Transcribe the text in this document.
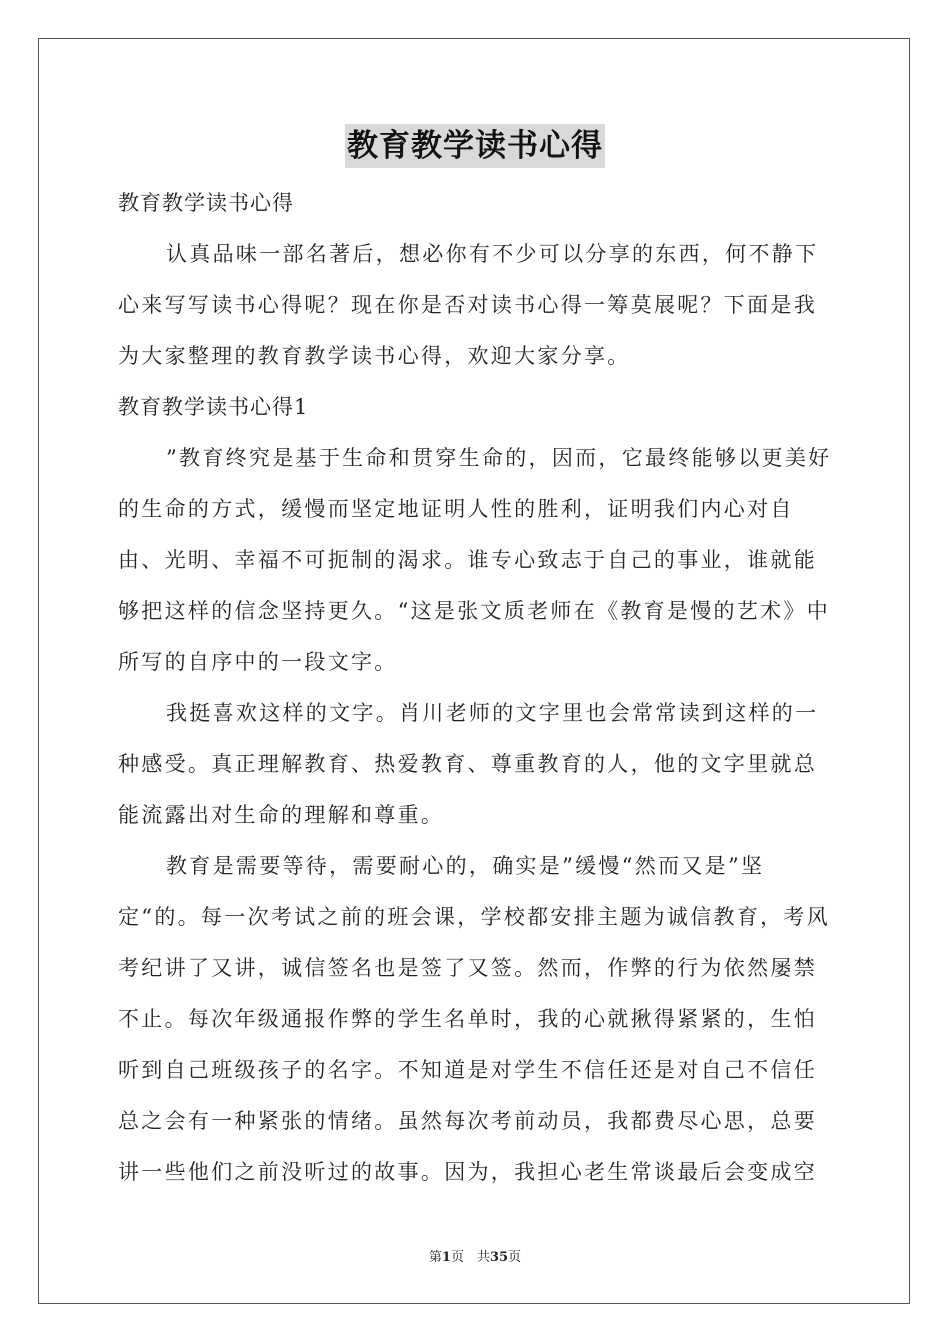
教育教学读书心得

教育教学读书心得

认真品味一部名著后，想必你有不少可以分享的东西，何不静下心来写写读书心得呢？现在你是否对读书心得一筹莫展呢？下面是我为大家整理的教育教学读书心得，欢迎大家分享。

教育教学读书心得1

”教育终究是基于生命和贯穿生命的，因而，它最终能够以更美好的生命的方式，缓慢而坚定地证明人性的胜利，证明我们内心对自由、光明、幸福不可扼制的渴求。谁专心致志于自己的事业，谁就能够把这样的信念坚持更久。“这是张文质老师在《教育是慢的艺术》中所写的自序中的一段文字。

我挺喜欢这样的文字。肖川老师的文字里也会常常读到这样的一种感受。真正理解教育、热爱教育、尊重教育的人，他的文字里就总能流露出对生命的理解和尊重。

教育是需要等待，需要耐心的，确实是”缓慢“然而又是”坚定“的。每一次考试之前的班会课，学校都安排主题为诚信教育，考风考纪讲了又讲，诚信签名也是签了又签。然而，作弊的行为依然屡禁不止。每次年级通报作弊的学生名单时，我的心就揪得紧紧的，生怕听到自己班级孩子的名字。不知道是对学生不信任还是对自己不信任总之会有一种紧张的情绪。虽然每次考前动员，我都费尽心思，总要讲一些他们之前没听过的故事。因为，我担心老生常谈最后会变成空

第1页　共35页
